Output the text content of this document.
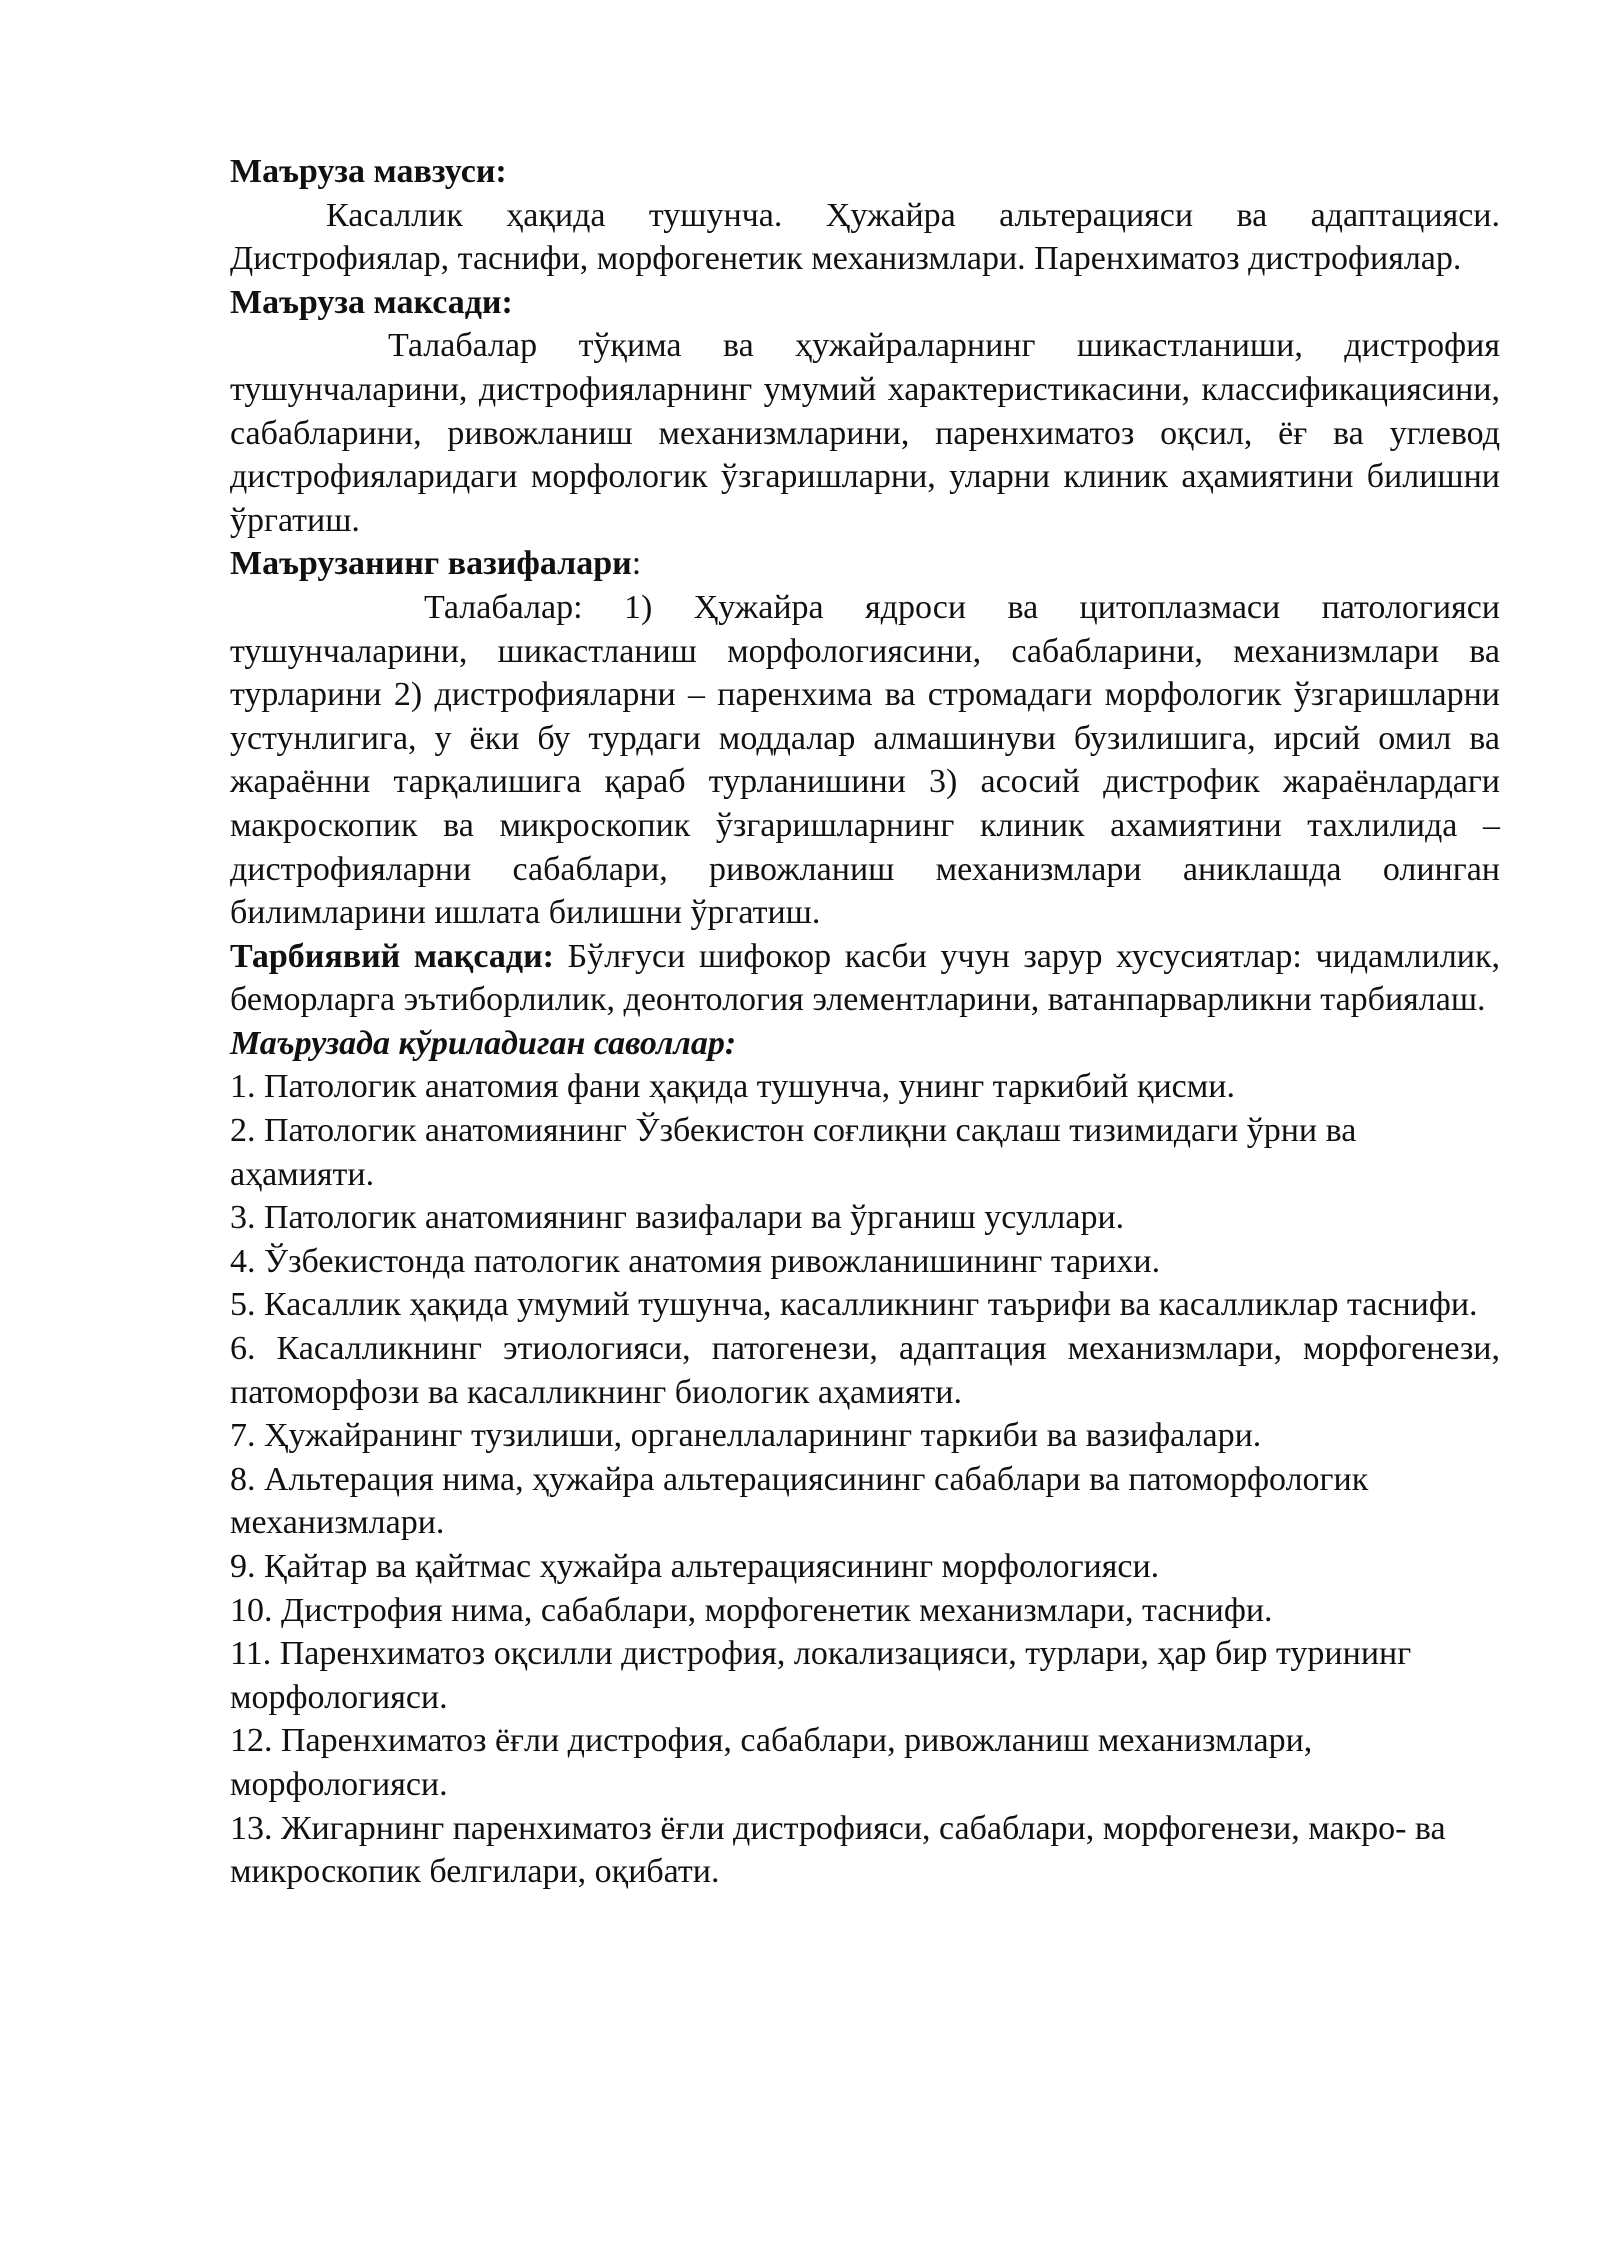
Маъруза мавзуси:

Касаллик ҳақида тушунча. Ҳужайра альтерацияси ва адаптацияси. Дистрофиялар, таснифи, морфогенетик механизмлари. Паренхиматоз дистрофиялар.

Маъруза максади:

Талабалар тўқима ва ҳужайраларнинг шикастланиши, дистрофия тушунчаларини, дистрофияларнинг умумий характеристикасини, классификациясини, сабабларини, ривожланиш механизмларини, паренхиматоз оқсил, ёғ ва углевод дистрофияларидаги морфологик ўзгаришларни, уларни клиник аҳамиятини билишни ўргатиш.

Маърузанинг вазифалари:

Талабалар: 1) Ҳужайра ядроси ва цитоплазмаси патологияси тушунчаларини, шикастланиш морфологиясини, сабабларини, механизмлари ва турларини 2) дистрофияларни – паренхима ва стромадаги морфологик ўзгаришларни устунлигига, у ёки бу турдаги моддалар алмашинуви бузилишига, ирсий омил ва жараённи тарқалишига қараб турланишини 3) асосий дистрофик жараёнлардаги макроскопик ва микроскопик ўзгаришларнинг клиник ахамиятини тахлилида – дистрофияларни сабаблари, ривожланиш механизмлари аниклашда олинган билимларини ишлата билишни ўргатиш.

Тарбиявий мақсади: Бўлғуси шифокор касби учун зарур хусусиятлар: чидамлилик, беморларга эътиборлилик, деонтология элементларини, ватанпарварликни тарбиялаш.

Маърузада кўриладиган саволлар:

1. Патологик анатомия фани ҳақида тушунча, унинг таркибий қисми.
2. Патологик анатомиянинг Ўзбекистон соғлиқни сақлаш тизимидаги ўрни ва аҳамияти.
3. Патологик анатомиянинг вазифалари ва ўрганиш усуллари.
4. Ўзбекистонда патологик анатомия ривожланишининг тарихи.
5. Касаллик ҳақида умумий тушунча, касалликнинг таърифи ва касалликлар таснифи.
6. Касалликнинг этиологияси, патогенези, адаптация механизмлари, морфогенези, патоморфози ва касалликнинг биологик аҳамияти.
7. Ҳужайранинг тузилиши, органеллаларининг таркиби ва вазифалари.
8. Альтерация нима, ҳужайра альтерациясининг сабаблари ва патоморфологик механизмлари.
9. Қайтар ва қайтмас ҳужайра альтерациясининг морфологияси.
10. Дистрофия нима, сабаблари, морфогенетик механизмлари, таснифи.
11. Паренхиматоз оқсилли дистрофия, локализацияси, турлари, ҳар бир турининг морфологияси.
12. Паренхиматоз ёғли дистрофия, сабаблари, ривожланиш механизмлари, морфологияси.
13. Жигарнинг паренхиматоз ёғли дистрофияси, сабаблари, морфогенези, макро- ва микроскопик белгилари, оқибати.
